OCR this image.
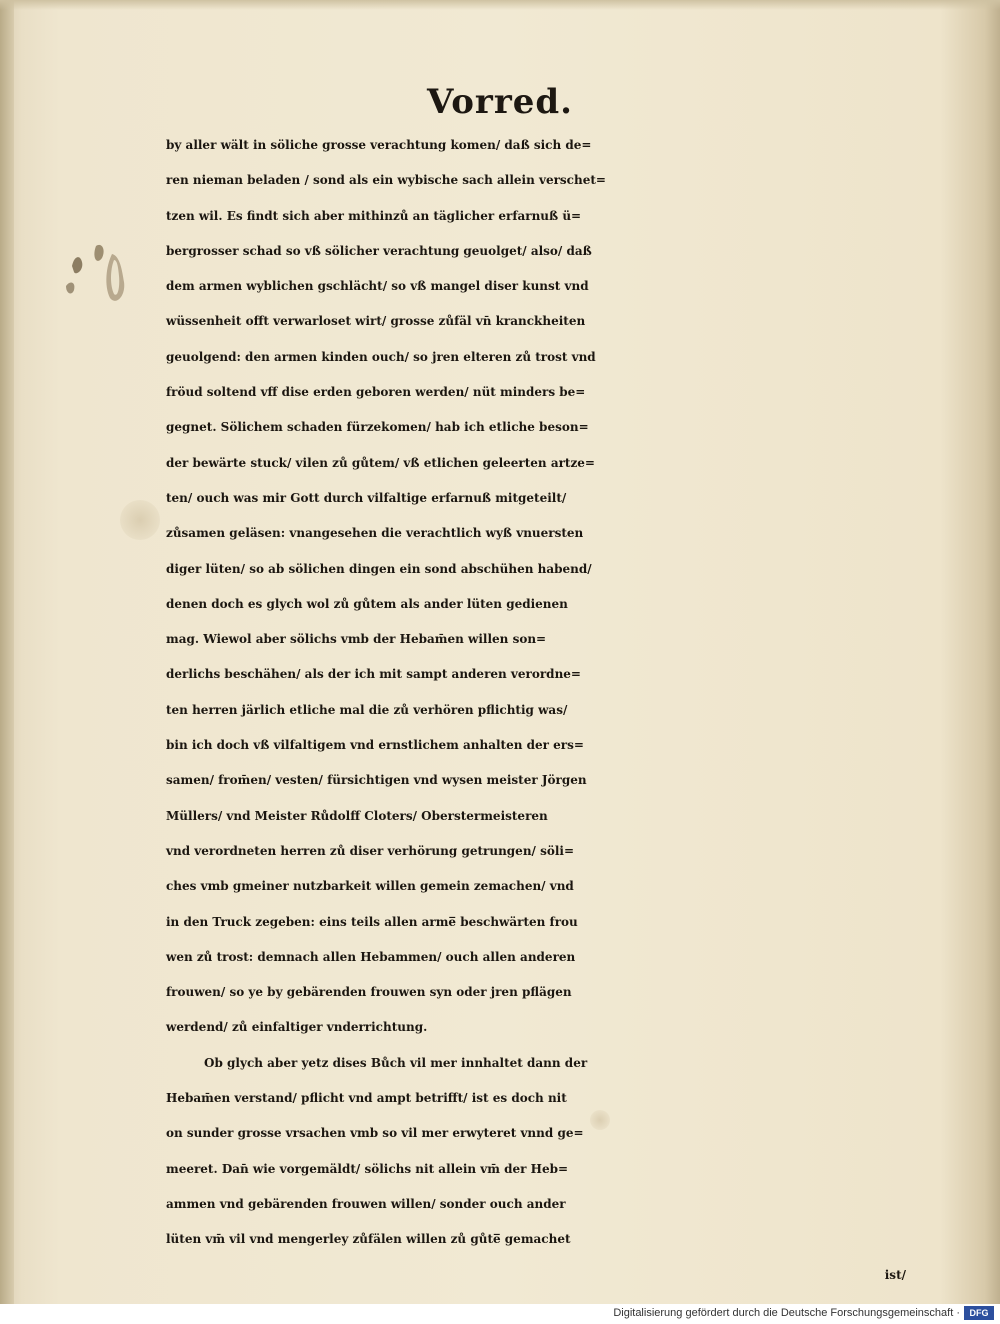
Vorred.
by aller wält in söliche grosse verachtung komen/ daß sich de=
ren nieman beladen / sond als ein wybische sach allein verschet=
tzen wil. Es findt sich aber mithinzů an täglicher erfarnuß ü=
bergrosser schad so vß sölicher verachtung geuolget/ also/ daß
dem armen wyblichen gschlächt/ so vß mangel diser kunst vnd
wüssenheit offt verwarloset wirt/ grosse zůfäl vn̄ kranckheiten
geuolgend: den armen kinden ouch/ so jren elteren zů trost vnd
fröud soltend vff dise erden geboren werden/ nüt minders be=
gegnet. Sölichem schaden fürzekomen/ hab ich etliche beson=
der bewärte stuck/ vilen zů gůtem/ vß etlichen geleerten artze=
ten/ ouch was mir Gott durch vilfaltige erfarnuß mitgeteilt/
zůsamen geläsen: vnangesehen die verachtlich wyß vnuersten
diger lüten/ so ab sölichen dingen ein sond abschühen habend/
denen doch es glych wol zů gůtem als ander lüten gedienen
mag. Wiewol aber sölichs vmb der Hebam̄en willen son=
derlichs beschähen/ als der ich mit sampt anderen verordne=
ten herren järlich etliche mal die zů verhören pflichtig was/
bin ich doch vß vilfaltigem vnd ernstlichem anhalten der ers=
samen/ from̄en/ vesten/ fürsichtigen vnd wysen meister Jörgen
Müllers/ vnd Meister Růdolff Cloters/ Oberstermeisteren
vnd verordneten herren zů diser verhörung getrungen/ söli=
ches vmb gmeiner nutzbarkeit willen gemein zemachen/ vnd
in den Truck zegeben: eins teils allen arme̅ beschwärten frou
wen zů trost: demnach allen Hebammen/ ouch allen anderen
frouwen/ so ye by gebärenden frouwen syn oder jren pflägen
werdend/ zů einfaltiger vnderrichtung.
Ob glych aber yetz dises Bůch vil mer innhaltet dann der
Hebam̄en verstand/ pflicht vnd ampt betrifft/ ist es doch nit
on sunder grosse vrsachen vmb so vil mer erwyteret vnnd ge=
meeret. Dan̄ wie vorgemäldt/ sölichs nit allein vm̄ der Heb=
ammen vnd gebärenden frouwen willen/ sonder ouch ander
lüten vm̄ vil vnd mengerley zůfälen willen zů gůte̅ gemachet
ist/
Digitalisierung gefördert durch die Deutsche Forschungsgemeinschaft ·	DFG
